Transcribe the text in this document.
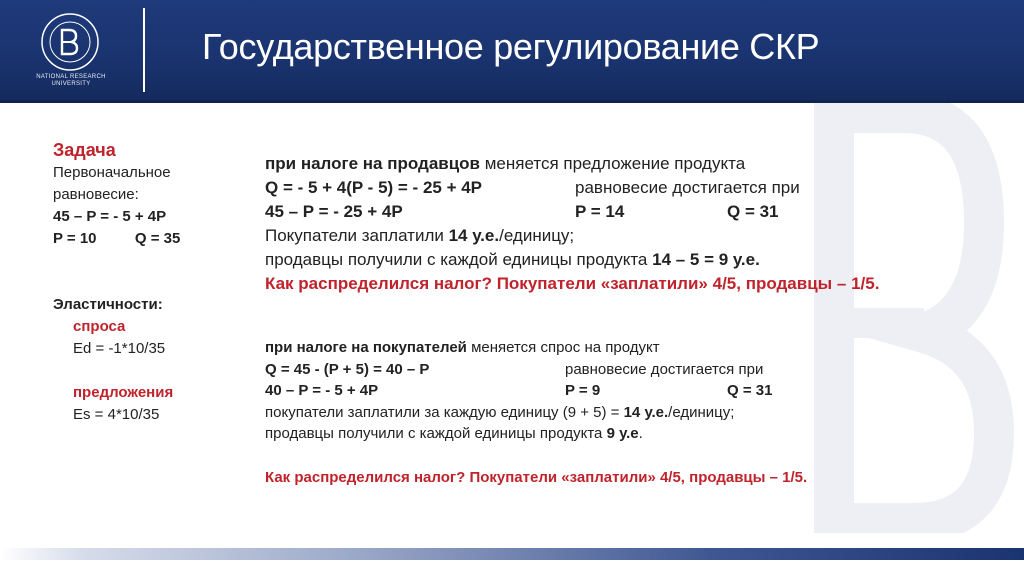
NATIONAL RESEARCH
UNIVERSITY
Государственное регулирование СКР
Задача
Первоначальное
равновесие:
45 – P = - 5 + 4P
P = 10	Q = 35
Эластичности:
спроса
Ed = -1*10/35
предложения
Es = 4*10/35
при налоге на продавцов меняется предложение продукта
Q = - 5 + 4(P - 5) = - 25 + 4P	равновесие достигается при
45 – P = - 25 + 4P	P = 14	Q = 31
Покупатели заплатили 14 у.е./единицу;
продавцы получили с каждой единицы продукта 14 – 5 = 9 у.е.
Как распределился налог? Покупатели «заплатили» 4/5, продавцы – 1/5.
при налоге на покупателей меняется спрос на продукт
Q = 45 - (P + 5) = 40 – P	равновесие достигается при
40 – P = - 5 + 4P	P = 9	Q = 31
покупатели заплатили за каждую единицу (9 + 5) = 14 у.е./единицу;
продавцы получили с каждой единицы продукта 9 у.е.
Как распределился налог? Покупатели «заплатили» 4/5, продавцы – 1/5.
